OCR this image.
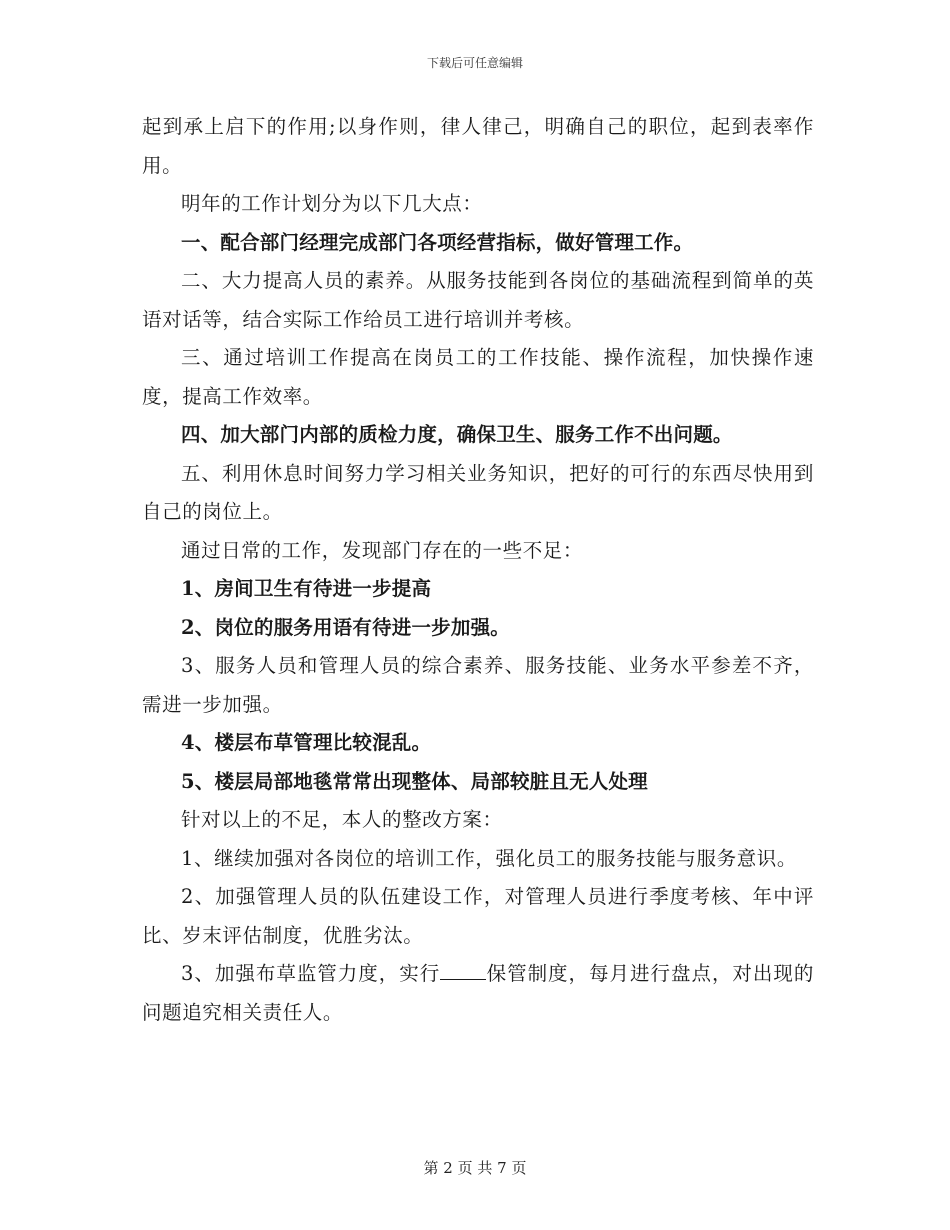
下载后可任意编辑

起到承上启下的作用;以身作则，律人律己，明确自己的职位，起到表率作用。

明年的工作计划分为以下几大点：

一、配合部门经理完成部门各项经营指标，做好管理工作。

二、大力提高人员的素养。从服务技能到各岗位的基础流程到简单的英语对话等，结合实际工作给员工进行培训并考核。

三、通过培训工作提高在岗员工的工作技能、操作流程，加快操作速度，提高工作效率。

四、加大部门内部的质检力度，确保卫生、服务工作不出问题。

五、利用休息时间努力学习相关业务知识，把好的可行的东西尽快用到自己的岗位上。

通过日常的工作，发现部门存在的一些不足：

1、房间卫生有待进一步提高

2、岗位的服务用语有待进一步加强。

3、服务人员和管理人员的综合素养、服务技能、业务水平参差不齐，需进一步加强。

4、楼层布草管理比较混乱。

5、楼层局部地毯常常出现整体、局部较脏且无人处理

针对以上的不足，本人的整改方案：

1、继续加强对各岗位的培训工作，强化员工的服务技能与服务意识。

2、加强管理人员的队伍建设工作，对管理人员进行季度考核、年中评比、岁末评估制度，优胜劣汰。

3、加强布草监管力度，实行 保管制度，每月进行盘点，对出现的问题追究相关责任人。

第 2 页 共 7 页
